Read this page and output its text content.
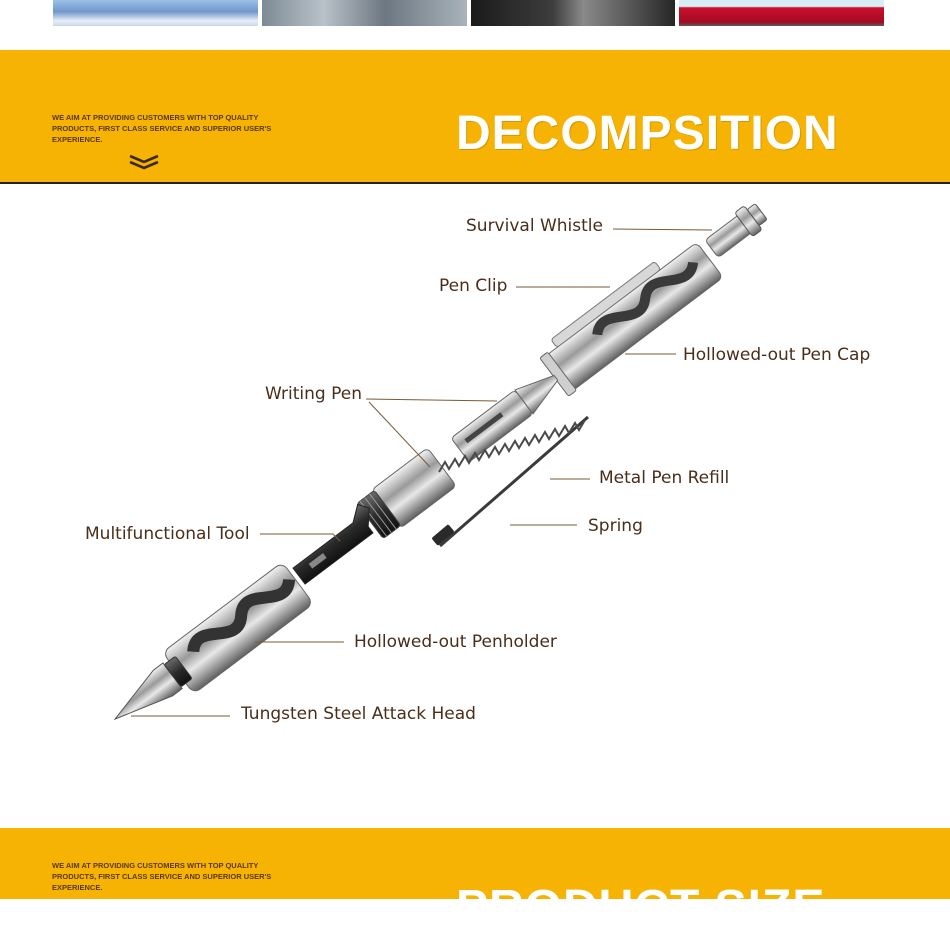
WE AIM AT PROVIDING CUSTOMERS WITH TOP QUALITY PRODUCTS, FIRST CLASS SERVICE AND SUPERIOR USER'S EXPERIENCE.	DECOMPSITION
Survival Whistle
Pen Clip
Hollowed-out Pen Cap
Writing Pen
Metal Pen Refill
Spring
Multifunctional Tool
Hollowed-out Penholder
Tungsten Steel Attack Head
WE AIM AT PROVIDING CUSTOMERS WITH TOP QUALITY PRODUCTS, FIRST CLASS SERVICE AND SUPERIOR USER'S EXPERIENCE.	PRODUCT SIZE
